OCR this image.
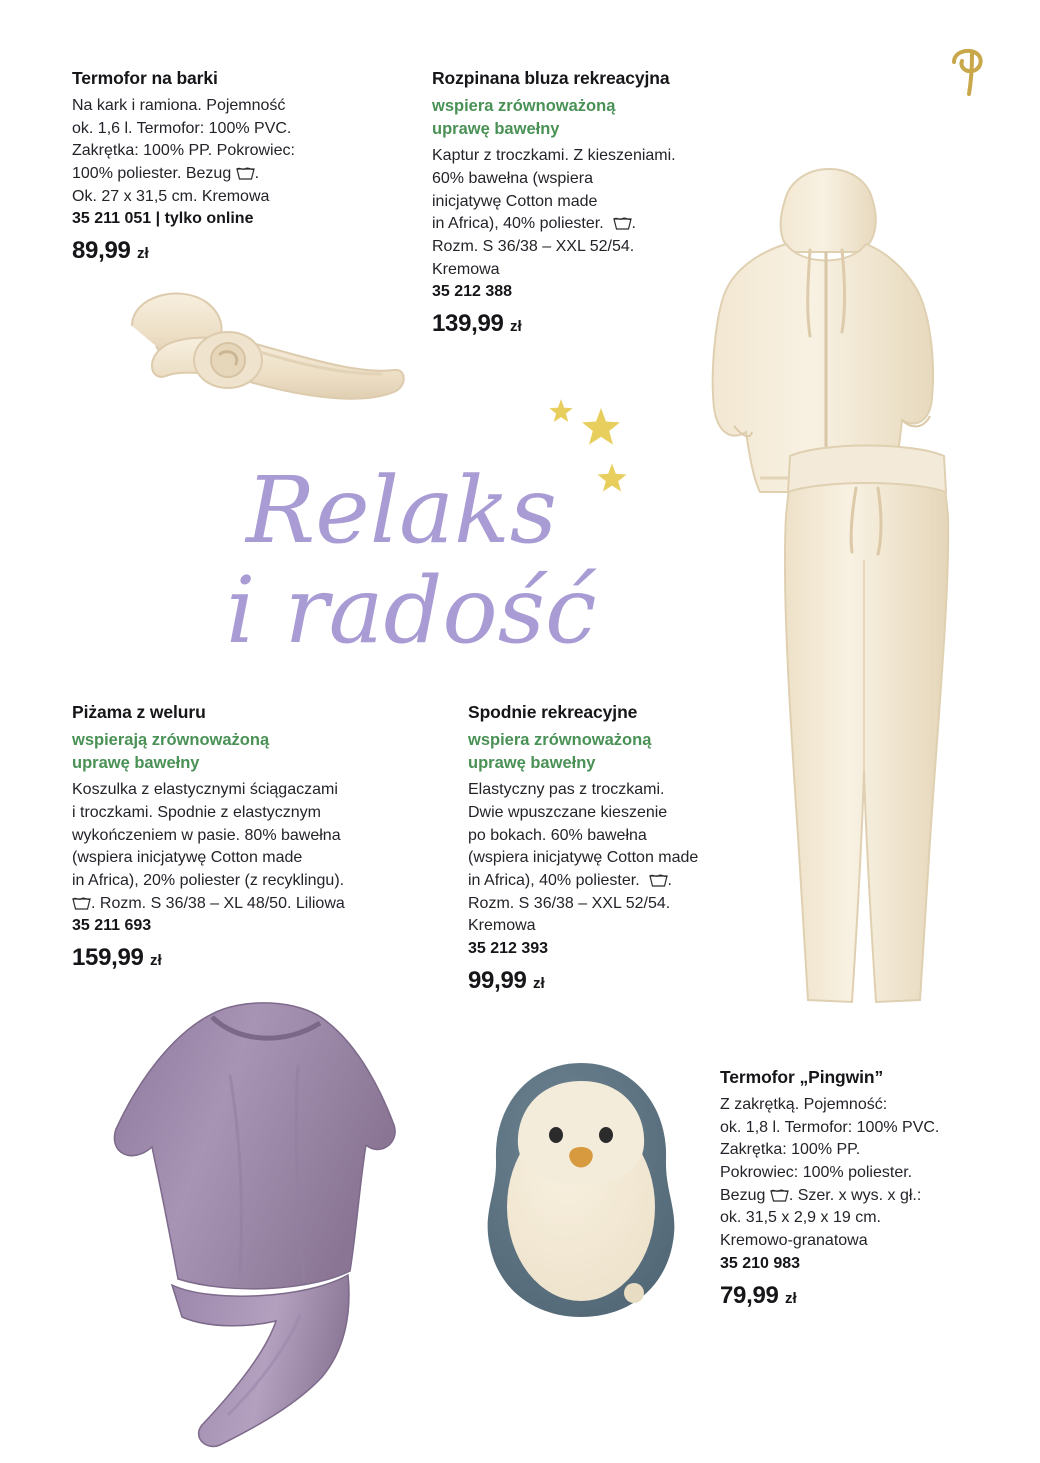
Termofor na barki

Na kark i ramiona. Pojemność
ok. 1,6 l. Termofor: 100% PVC.
Zakrętka: 100% PP. Pokrowiec:
100% poliester. Bezug .
Ok. 27 x 31,5 cm. Kremowa

35 211 051 | tylko online
89,99 zł
Rozpinana bluza rekreacyjna

wspiera zrównoważoną
uprawę bawełny

Kaptur z troczkami. Z kieszeniami.
60% bawełna (wspiera
inicjatywę Cotton made
in Africa), 40% poliester.
.
Rozm. S 36/38 – XXL 52/54.
Kremowa

35 212 388
139,99 zł
Piżama z weluru

wspierają zrównoważoną
uprawę bawełny

Koszulka z elastycznymi ściągaczami
i troczkami. Spodnie z elastycznym
wykończeniem w pasie. 80% bawełna
(wspiera inicjatywę Cotton made
in Africa), 20% poliester (z recyklingu).

. Rozm. S 36/38 – XL 48/50. Liliowa

35 211 693
159,99 zł
Spodnie rekreacyjne

wspiera zrównoważoną
uprawę bawełny

Elastyczny pas z troczkami.
Dwie wpuszczane kieszenie
po bokach. 60% bawełna
(wspiera inicjatywę Cotton made
in Africa), 40% poliester.
.
Rozm. S 36/38 – XXL 52/54.
Kremowa

35 212 393
99,99 zł
Termofor „Pingwin”

Z zakrętką. Pojemność:
ok. 1,8 l. Termofor: 100% PVC.
Zakrętka: 100% PP.
Pokrowiec: 100% poliester.
Bezug . Szer. x wys. x gł.:
ok. 31,5 x 2,9 x 19 cm.
Kremowo-granatowa

35 210 983
79,99 zł
Relaks
i radość
